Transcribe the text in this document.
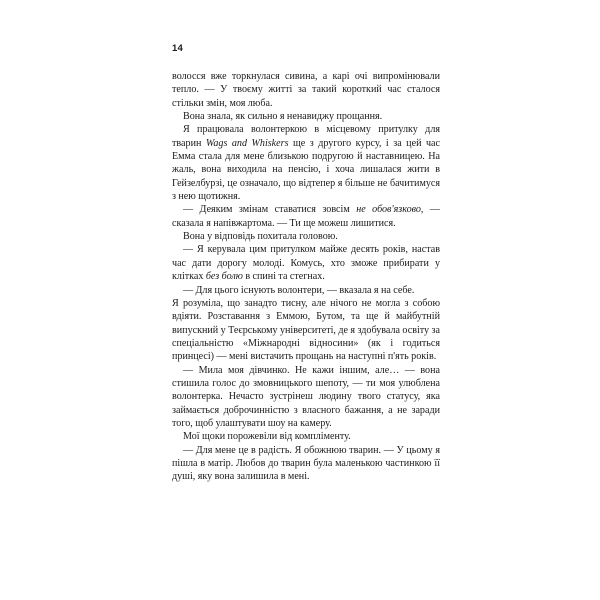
14

волосся вже торкнулася сивина, а карі очі випромінювали тепло. — У твоєму житті за такий короткий час сталося стільки змін, моя люба.

Вона знала, як сильно я ненавиджу прощання.

Я працювала волонтеркою в місцевому притулку для тварин Wags and Whiskers ще з другого курсу, і за цей час Емма стала для мене близькою подругою й наставницею. На жаль, вона виходила на пенсію, і хоча лишалася жити в Гейзелбурзі, це означало, що відтепер я більше не бачитимуся з нею щотижня.

— Деяким змінам ставатися зовсім не обов'язково, — сказала я напівжартома. — Ти ще можеш лишитися.

Вона у відповідь похитала головою.

— Я керувала цим притулком майже десять років, настав час дати дорогу молоді. Комусь, хто зможе прибирати у клітках без болю в спині та стегнах.

— Для цього існують волонтери, — вказала я на себе.

Я розуміла, що занадто тисну, але нічого не могла з собою вдіяти. Розставання з Еммою, Бутом, та ще й майбутній випускний у Теєрському університеті, де я здобувала освіту за спеціальністю «Міжнародні відносини» (як і годиться принцесі) — мені вистачить прощань на наступні п'ять років.

— Мила моя дівчинко. Не кажи іншим, але… — вона стишила голос до змовницького шепоту, — ти моя улюблена волонтерка. Нечасто зустрінеш людину твого статусу, яка займається доброчинністю з власного бажання, а не заради того, щоб улаштувати шоу на камеру.

Мої щоки порожевіли від компліменту.

— Для мене це в радість. Я обожнюю тварин. — У цьому я пішла в матір. Любов до тварин була маленькою частинкою її душі, яку вона залишила в мені.
